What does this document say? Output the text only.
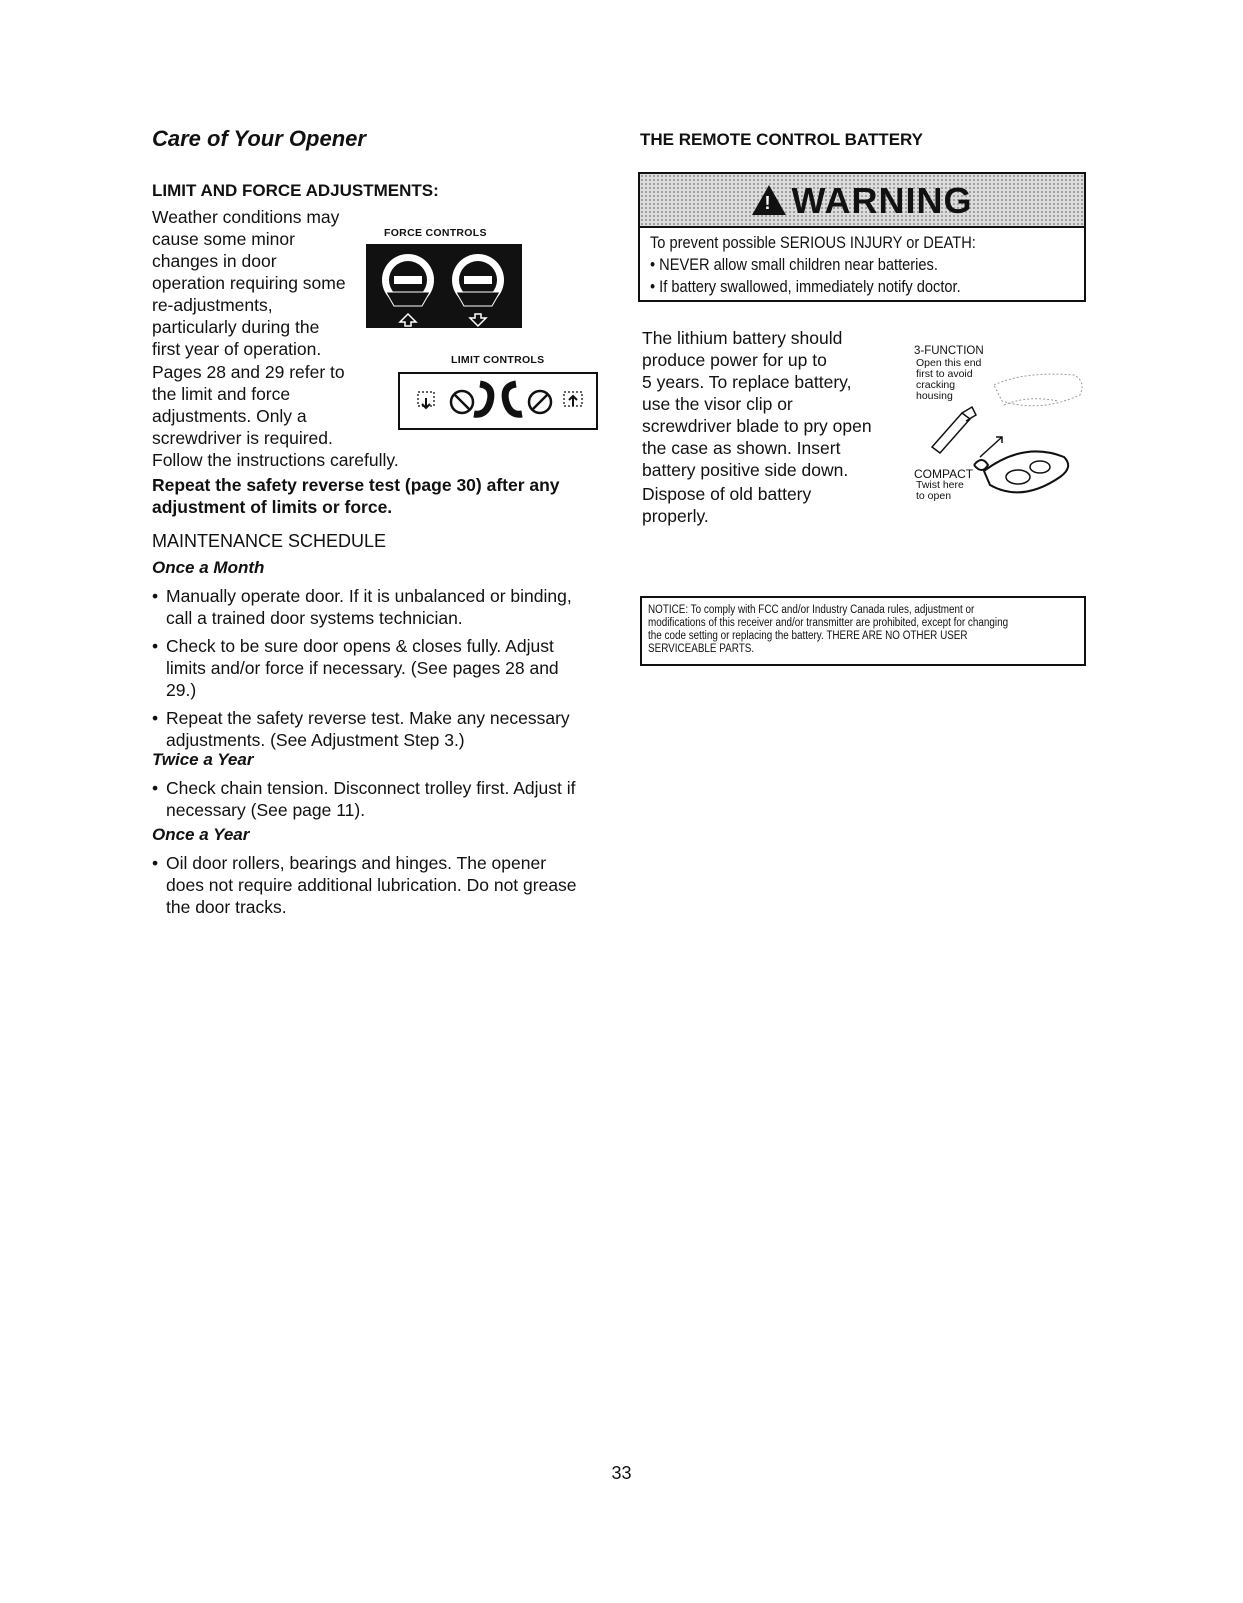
Care of Your Opener
LIMIT AND FORCE ADJUSTMENTS:
Weather conditions may
cause some minor
changes in door
operation requiring some
re-adjustments,
particularly during the
first year of operation.
FORCE CONTROLS
LIMIT CONTROLS
Pages 28 and 29 refer to
the limit and force
adjustments. Only a
screwdriver is required.
Follow the instructions carefully.
Repeat the safety reverse test (page 30) after any
adjustment of limits or force.
MAINTENANCE SCHEDULE
Once a Month
• Manually operate door. If it is unbalanced or binding, call a trained door systems technician.
• Check to be sure door opens & closes fully. Adjust limits and/or force if necessary. (See pages 28 and 29.)
• Repeat the safety reverse test. Make any necessary adjustments. (See Adjustment Step 3.)
Twice a Year
• Check chain tension. Disconnect trolley first. Adjust if necessary (See page 11).
Once a Year
• Oil door rollers, bearings and hinges. The opener does not require additional lubrication. Do not grease the door tracks.
THE REMOTE CONTROL BATTERY
! WARNING
To prevent possible SERIOUS INJURY or DEATH:
• NEVER allow small children near batteries.
• If battery swallowed, immediately notify doctor.
The lithium battery should
produce power for up to
5 years. To replace battery,
use the visor clip or
screwdriver blade to pry open
the case as shown. Insert
battery positive side down.
Dispose of old battery
properly.
3-FUNCTION
Open this end
first to avoid
cracking
housing
COMPACT
Twist here
to open
NOTICE: To comply with FCC and/or Industry Canada rules, adjustment or
modifications of this receiver and/or transmitter are prohibited, except for changing
the code setting or replacing the battery. THERE ARE NO OTHER USER
SERVICEABLE PARTS.
33
